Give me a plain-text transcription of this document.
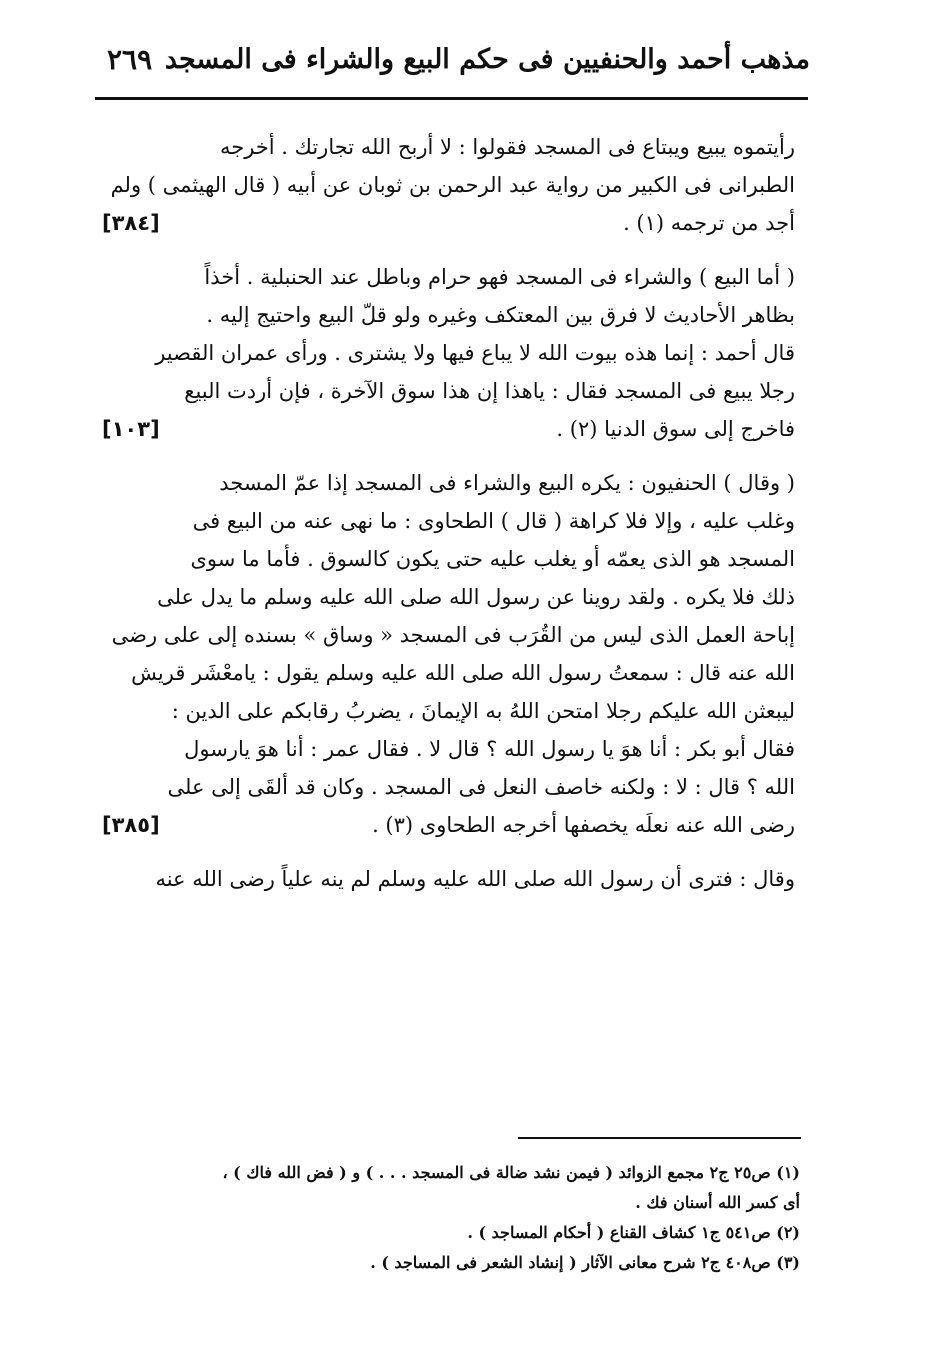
مذهب أحمد والحنفيين فى حكم البيع والشراء فى المسجد
٢٦٩
رأيتموه يبيع ويبتاع فى المسجد فقولوا : لا أربح الله تجارتك . أخرجه
الطبرانى فى الكبير من رواية عبد الرحمن بن ثوبان عن أبيه ( قال الهيثمى ) ولم
أجد من ترجمه (١) .
[٣٨٤]
( أما البيع ) والشراء فى المسجد فهو حرام وباطل عند الحنبلية . أخذاً
بظاهر الأحاديث لا فرق بين المعتكف وغيره ولو قلّ البيع واحتيج إليه .
قال أحمد : إنما هذه بيوت الله لا يباع فيها ولا يشترى . ورأى عمران القصير
رجلا يبيع فى المسجد فقال : ياهذا إن هذا سوق الآخرة ، فإن أردت البيع
فاخرج إلى سوق الدنيا (٢) .
[١٠٣]
( وقال ) الحنفيون : يكره البيع والشراء فى المسجد إذا عمّ المسجد
وغلب عليه ، وإلا فلا كراهة ( قال ) الطحاوى : ما نهى عنه من البيع فى
المسجد هو الذى يعمّه أو يغلب عليه حتى يكون كالسوق . فأما ما سوى
ذلك فلا يكره . ولقد روينا عن رسول الله صلى الله عليه وسلم ما يدل على
إباحة العمل الذى ليس من القُرَب فى المسجد « وساق » بسنده إلى على رضى
الله عنه قال : سمعتُ رسول الله صلى الله عليه وسلم يقول : يامعْشَر قريش
ليبعثن الله عليكم رجلا امتحن اللهُ به الإيمانَ ، يضربُ رقابكم على الدين :
فقال أبو بكر : أنا هوَ يا رسول الله ؟ قال لا . فقال عمر : أنا هوَ يارسول
الله ؟ قال : لا : ولكنه خاصف النعل فى المسجد . وكان قد ألقَى إلى على
رضى الله عنه نعلَه يخصفها أخرجه الطحاوى (٣) .
[٣٨٥]
وقال : فترى أن رسول الله صلى الله عليه وسلم لم ينه علياً رضى الله عنه
(١) ص٢٥ ج٢ مجمع الزوائد ( فيمن نشد ضالة فى المسجد . . . ) و ( فض الله فاك ) ،
أى كسر الله أسنان فك .
(٢) ص٥٤١ ج١ كشاف القناع ( أحكام المساجد ) .
(٣) ص٤٠٨ ج٢ شرح معانى الآثار ( إنشاد الشعر فى المساجد ) .
